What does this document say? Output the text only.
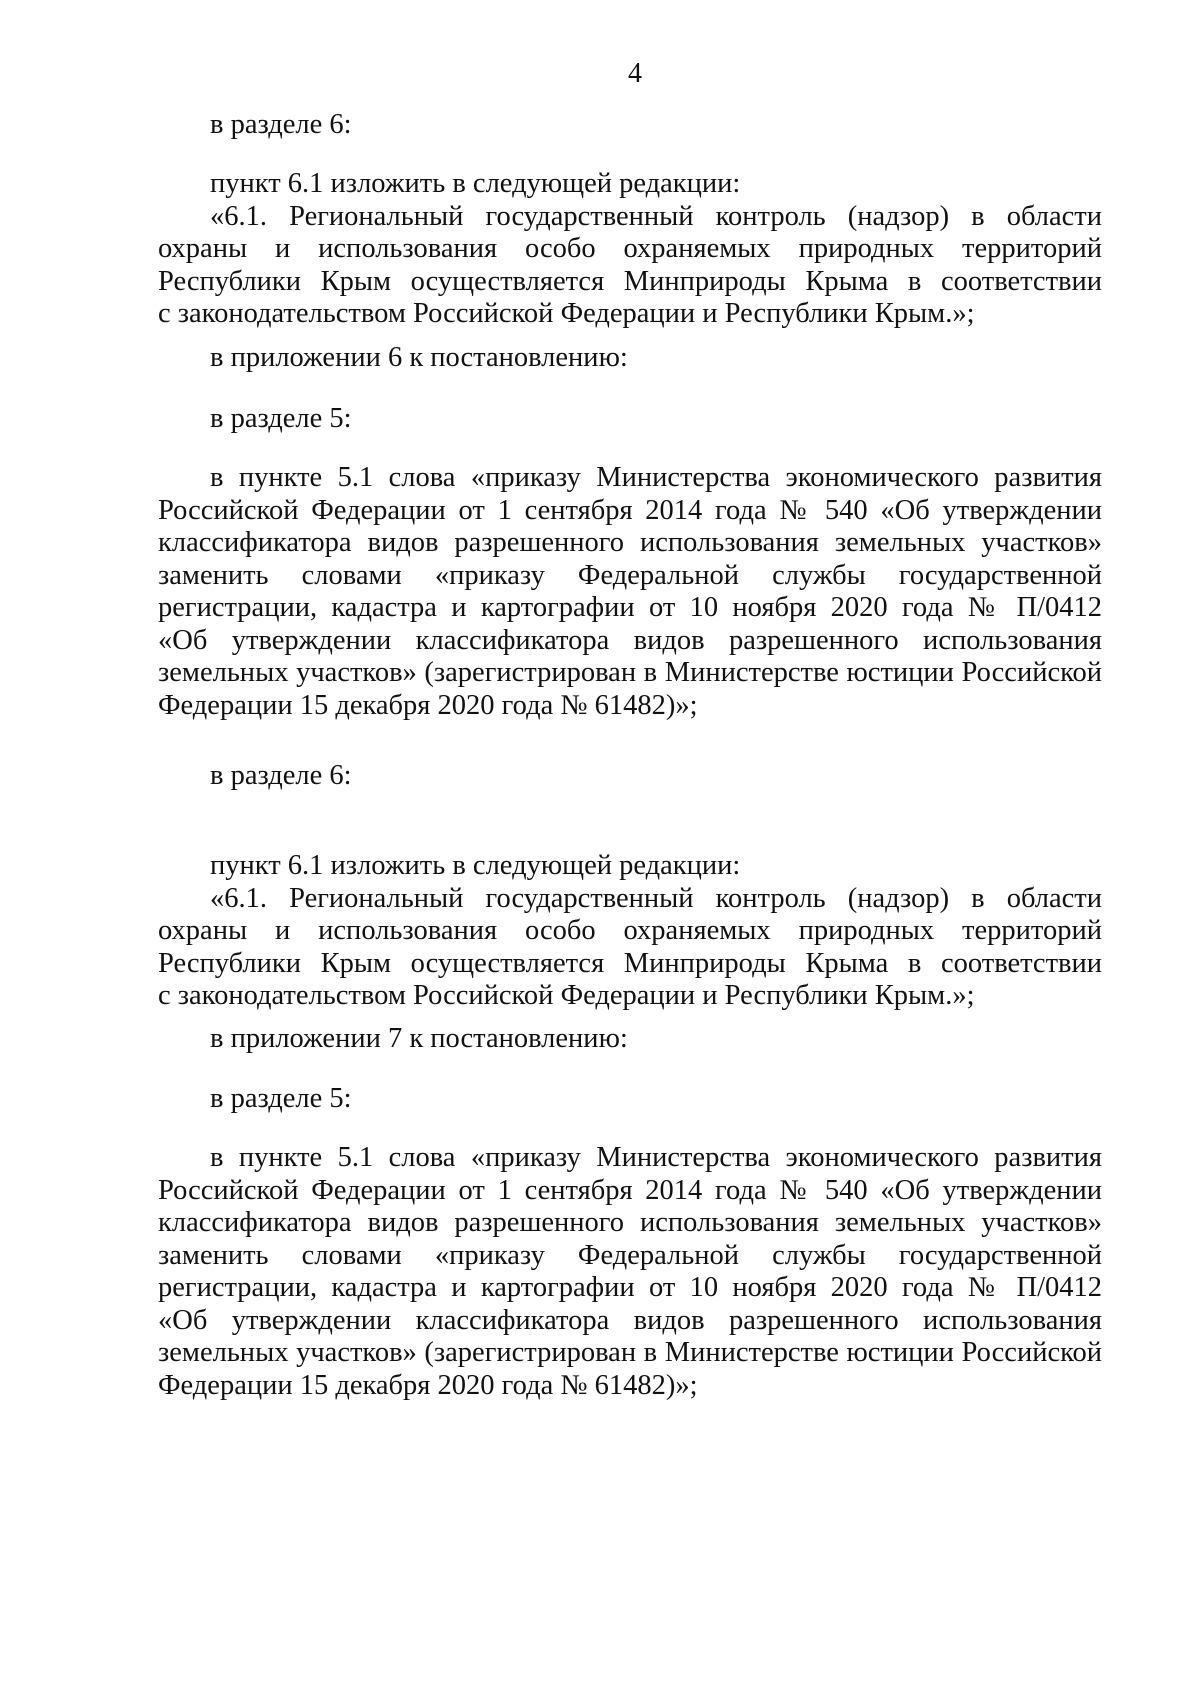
4
в разделе 6:
пункт 6.1 изложить в следующей редакции:
«6.1. Региональный государственный контроль (надзор) в области
охраны и использования особо охраняемых природных территорий
Республики Крым осуществляется Минприроды Крыма в соответствии
с законодательством Российской Федерации и Республики Крым.»;
в приложении 6 к постановлению:
в разделе 5:
в пункте 5.1 слова «приказу Министерства экономического развития
Российской Федерации от 1 сентября 2014 года № 540 «Об утверждении
классификатора видов разрешенного использования земельных участков»
заменить словами «приказу Федеральной службы государственной
регистрации, кадастра и картографии от 10 ноября 2020 года № П/0412
«Об утверждении классификатора видов разрешенного использования
земельных участков» (зарегистрирован в Министерстве юстиции Российской
Федерации 15 декабря 2020 года № 61482)»;
в разделе 6:
пункт 6.1 изложить в следующей редакции:
«6.1. Региональный государственный контроль (надзор) в области
охраны и использования особо охраняемых природных территорий
Республики Крым осуществляется Минприроды Крыма в соответствии
с законодательством Российской Федерации и Республики Крым.»;
в приложении 7 к постановлению:
в разделе 5:
в пункте 5.1 слова «приказу Министерства экономического развития
Российской Федерации от 1 сентября 2014 года № 540 «Об утверждении
классификатора видов разрешенного использования земельных участков»
заменить словами «приказу Федеральной службы государственной
регистрации, кадастра и картографии от 10 ноября 2020 года № П/0412
«Об утверждении классификатора видов разрешенного использования
земельных участков» (зарегистрирован в Министерстве юстиции Российской
Федерации 15 декабря 2020 года № 61482)»;
